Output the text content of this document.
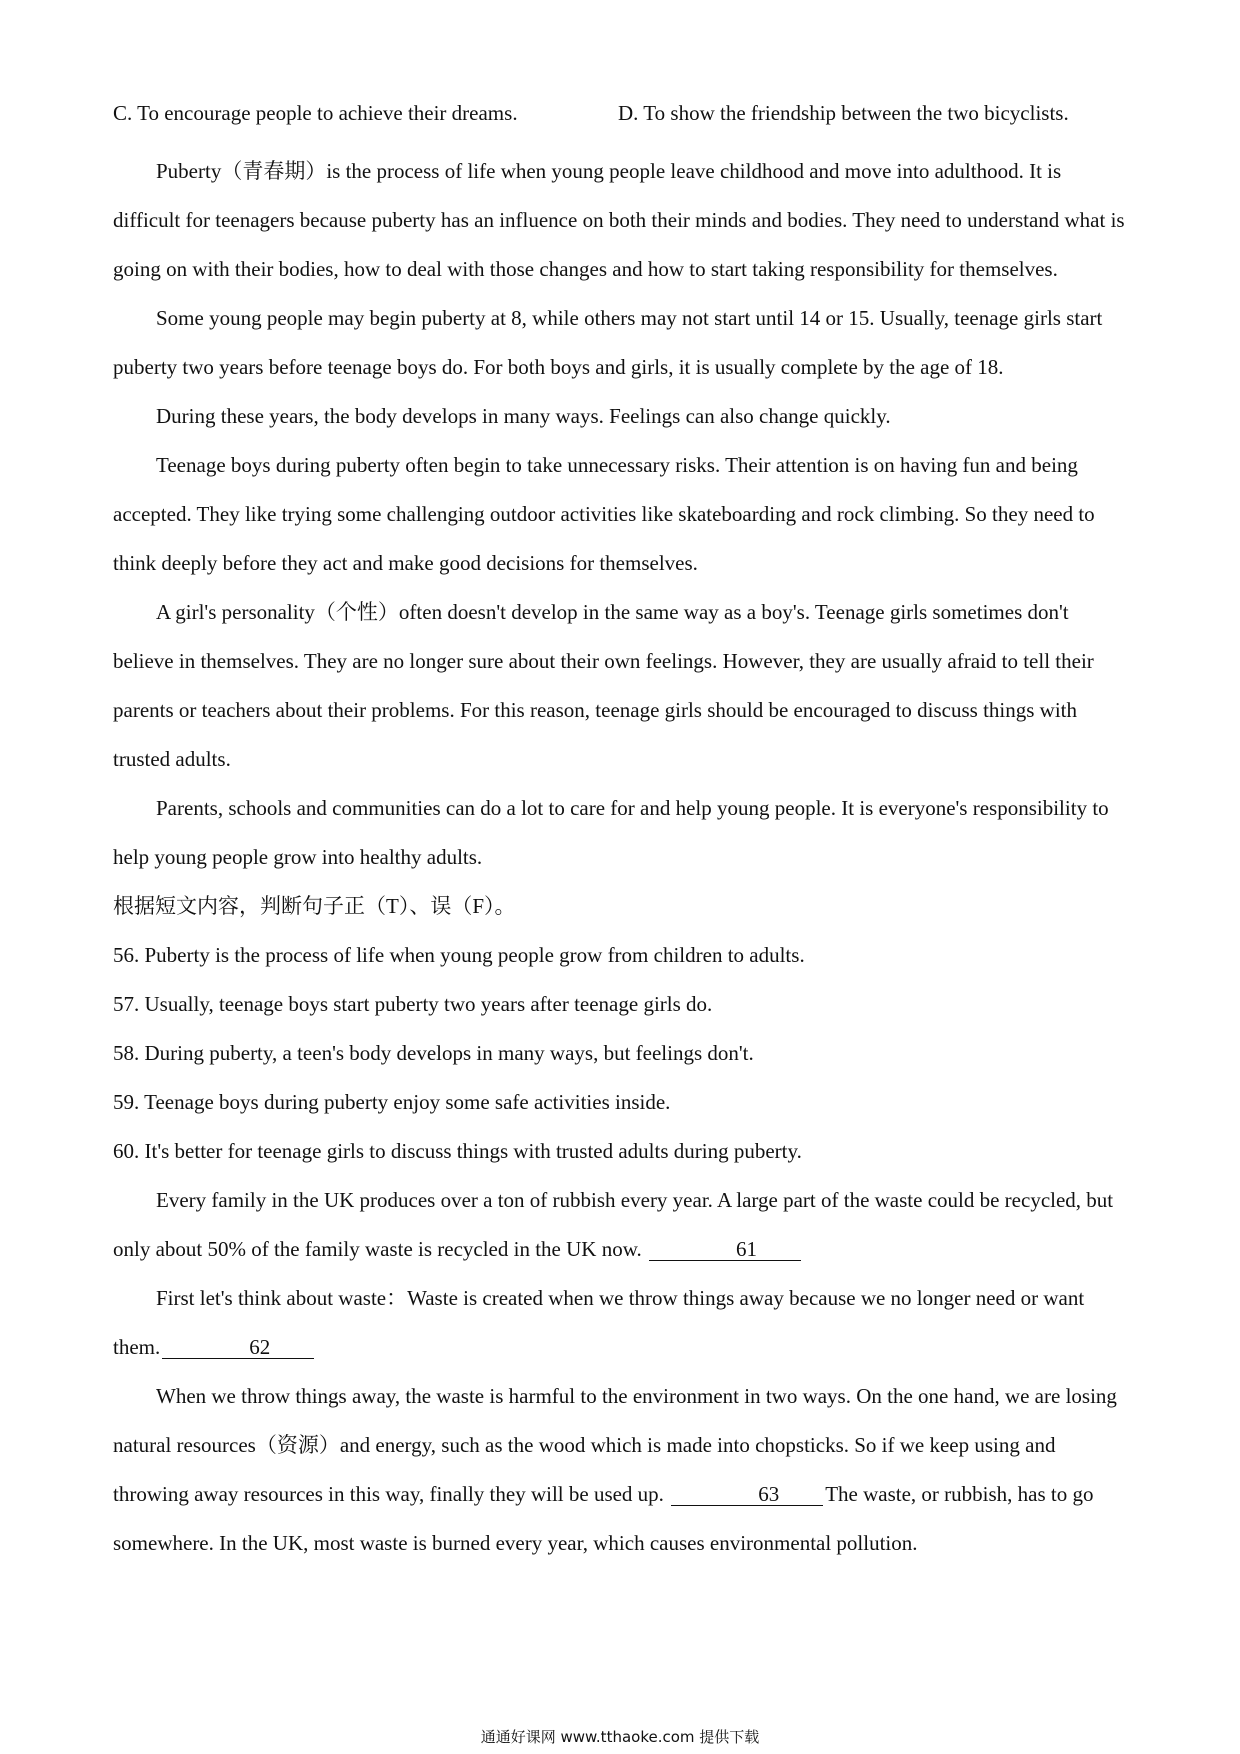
C. To encourage people to achieve their dreams.	D. To show the friendship between the two bicyclists.

Puberty（青春期）is the process of life when young people leave childhood and move into adulthood. It is difficult for teenagers because puberty has an influence on both their minds and bodies. They need to understand what is going on with their bodies, how to deal with those changes and how to start taking responsibility for themselves.

Some young people may begin puberty at 8, while others may not start until 14 or 15. Usually, teenage girls start puberty two years before teenage boys do. For both boys and girls, it is usually complete by the age of 18.

During these years, the body develops in many ways. Feelings can also change quickly.

Teenage boys during puberty often begin to take unnecessary risks. Their attention is on having fun and being accepted. They like trying some challenging outdoor activities like skateboarding and rock climbing. So they need to think deeply before they act and make good decisions for themselves.

A girl's personality（个性）often doesn't develop in the same way as a boy's. Teenage girls sometimes don't believe in themselves. They are no longer sure about their own feelings. However, they are usually afraid to tell their parents or teachers about their problems. For this reason, teenage girls should be encouraged to discuss things with trusted adults.

Parents, schools and communities can do a lot to care for and help young people. It is everyone's responsibility to help young people grow into healthy adults.

根据短文内容，判断句子正（T）、误（F）。

56. Puberty is the process of life when young people grow from children to adults.

57. Usually, teenage boys start puberty two years after teenage girls do.

58. During puberty, a teen's body develops in many ways, but feelings don't.

59. Teenage boys during puberty enjoy some safe activities inside.

60. It's better for teenage girls to discuss things with trusted adults during puberty.

Every family in the UK produces over a ton of rubbish every year. A large part of the waste could be recycled, but only about 50% of the family waste is recycled in the UK now.	61

First let's think about waste：Waste is created when we throw things away because we no longer need or want them.	62

When we throw things away, the waste is harmful to the environment in two ways. On the one hand, we are losing natural resources（资源）and energy, such as the wood which is made into chopsticks. So if we keep using and throwing away resources in this way, finally they will be used up.	63 The waste, or rubbish, has to go somewhere. In the UK, most waste is burned every year, which causes environmental pollution.

通通好课网 www.tthaoke.com 提供下载
